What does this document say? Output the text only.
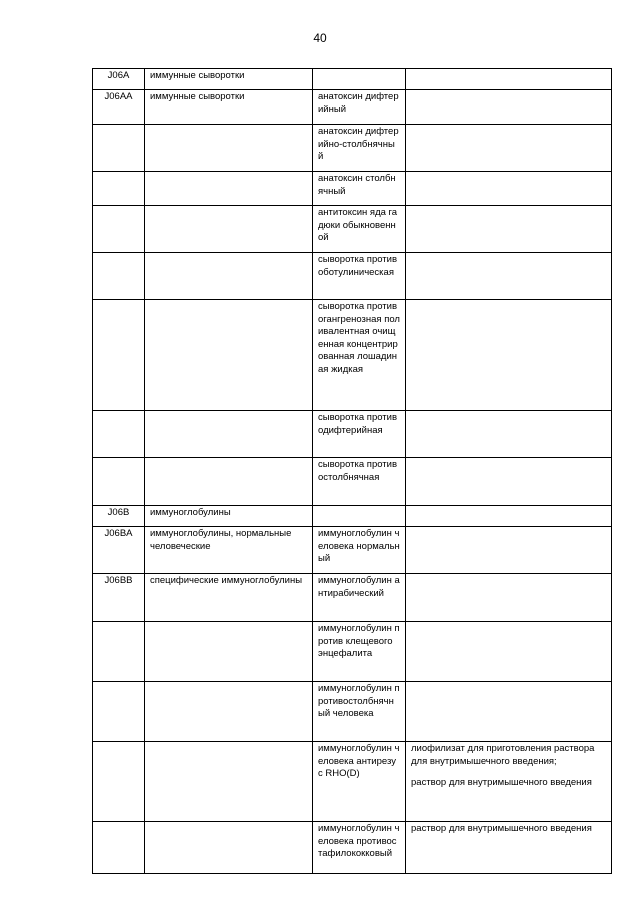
40
J06A	иммунные сыворотки		
J06AA	иммунные сыворотки	анатоксин дифтерийный	
		анатоксин дифтерийно-столбнячный	
		анатоксин столбнячный	
		антитоксин яда гадюки обыкновенной	
		сыворотка противоботулиническая	
		сыворотка противогангренозная поливалентная очищенная концентрированная лошадиная жидкая	
		сыворотка противодифтерийная	
		сыворотка противостолбнячная	
J06B	иммуноглобулины		
J06BA	иммуноглобулины, нормальные человеческие	иммуноглобулин человека нормальный	
J06BB	специфические иммуноглобулины	иммуноглобулин антирабический	
		иммуноглобулин против клещевого энцефалита	
		иммуноглобулин противостолбнячный человека	
		иммуноглобулин человека антирезус RHO(D)	лиофилизат для приготовления раствора для внутримышечного введения;
раствор для внутримышечного введения

		иммуноглобулин человека противостафилококковый	раствор для внутримышечного введения
